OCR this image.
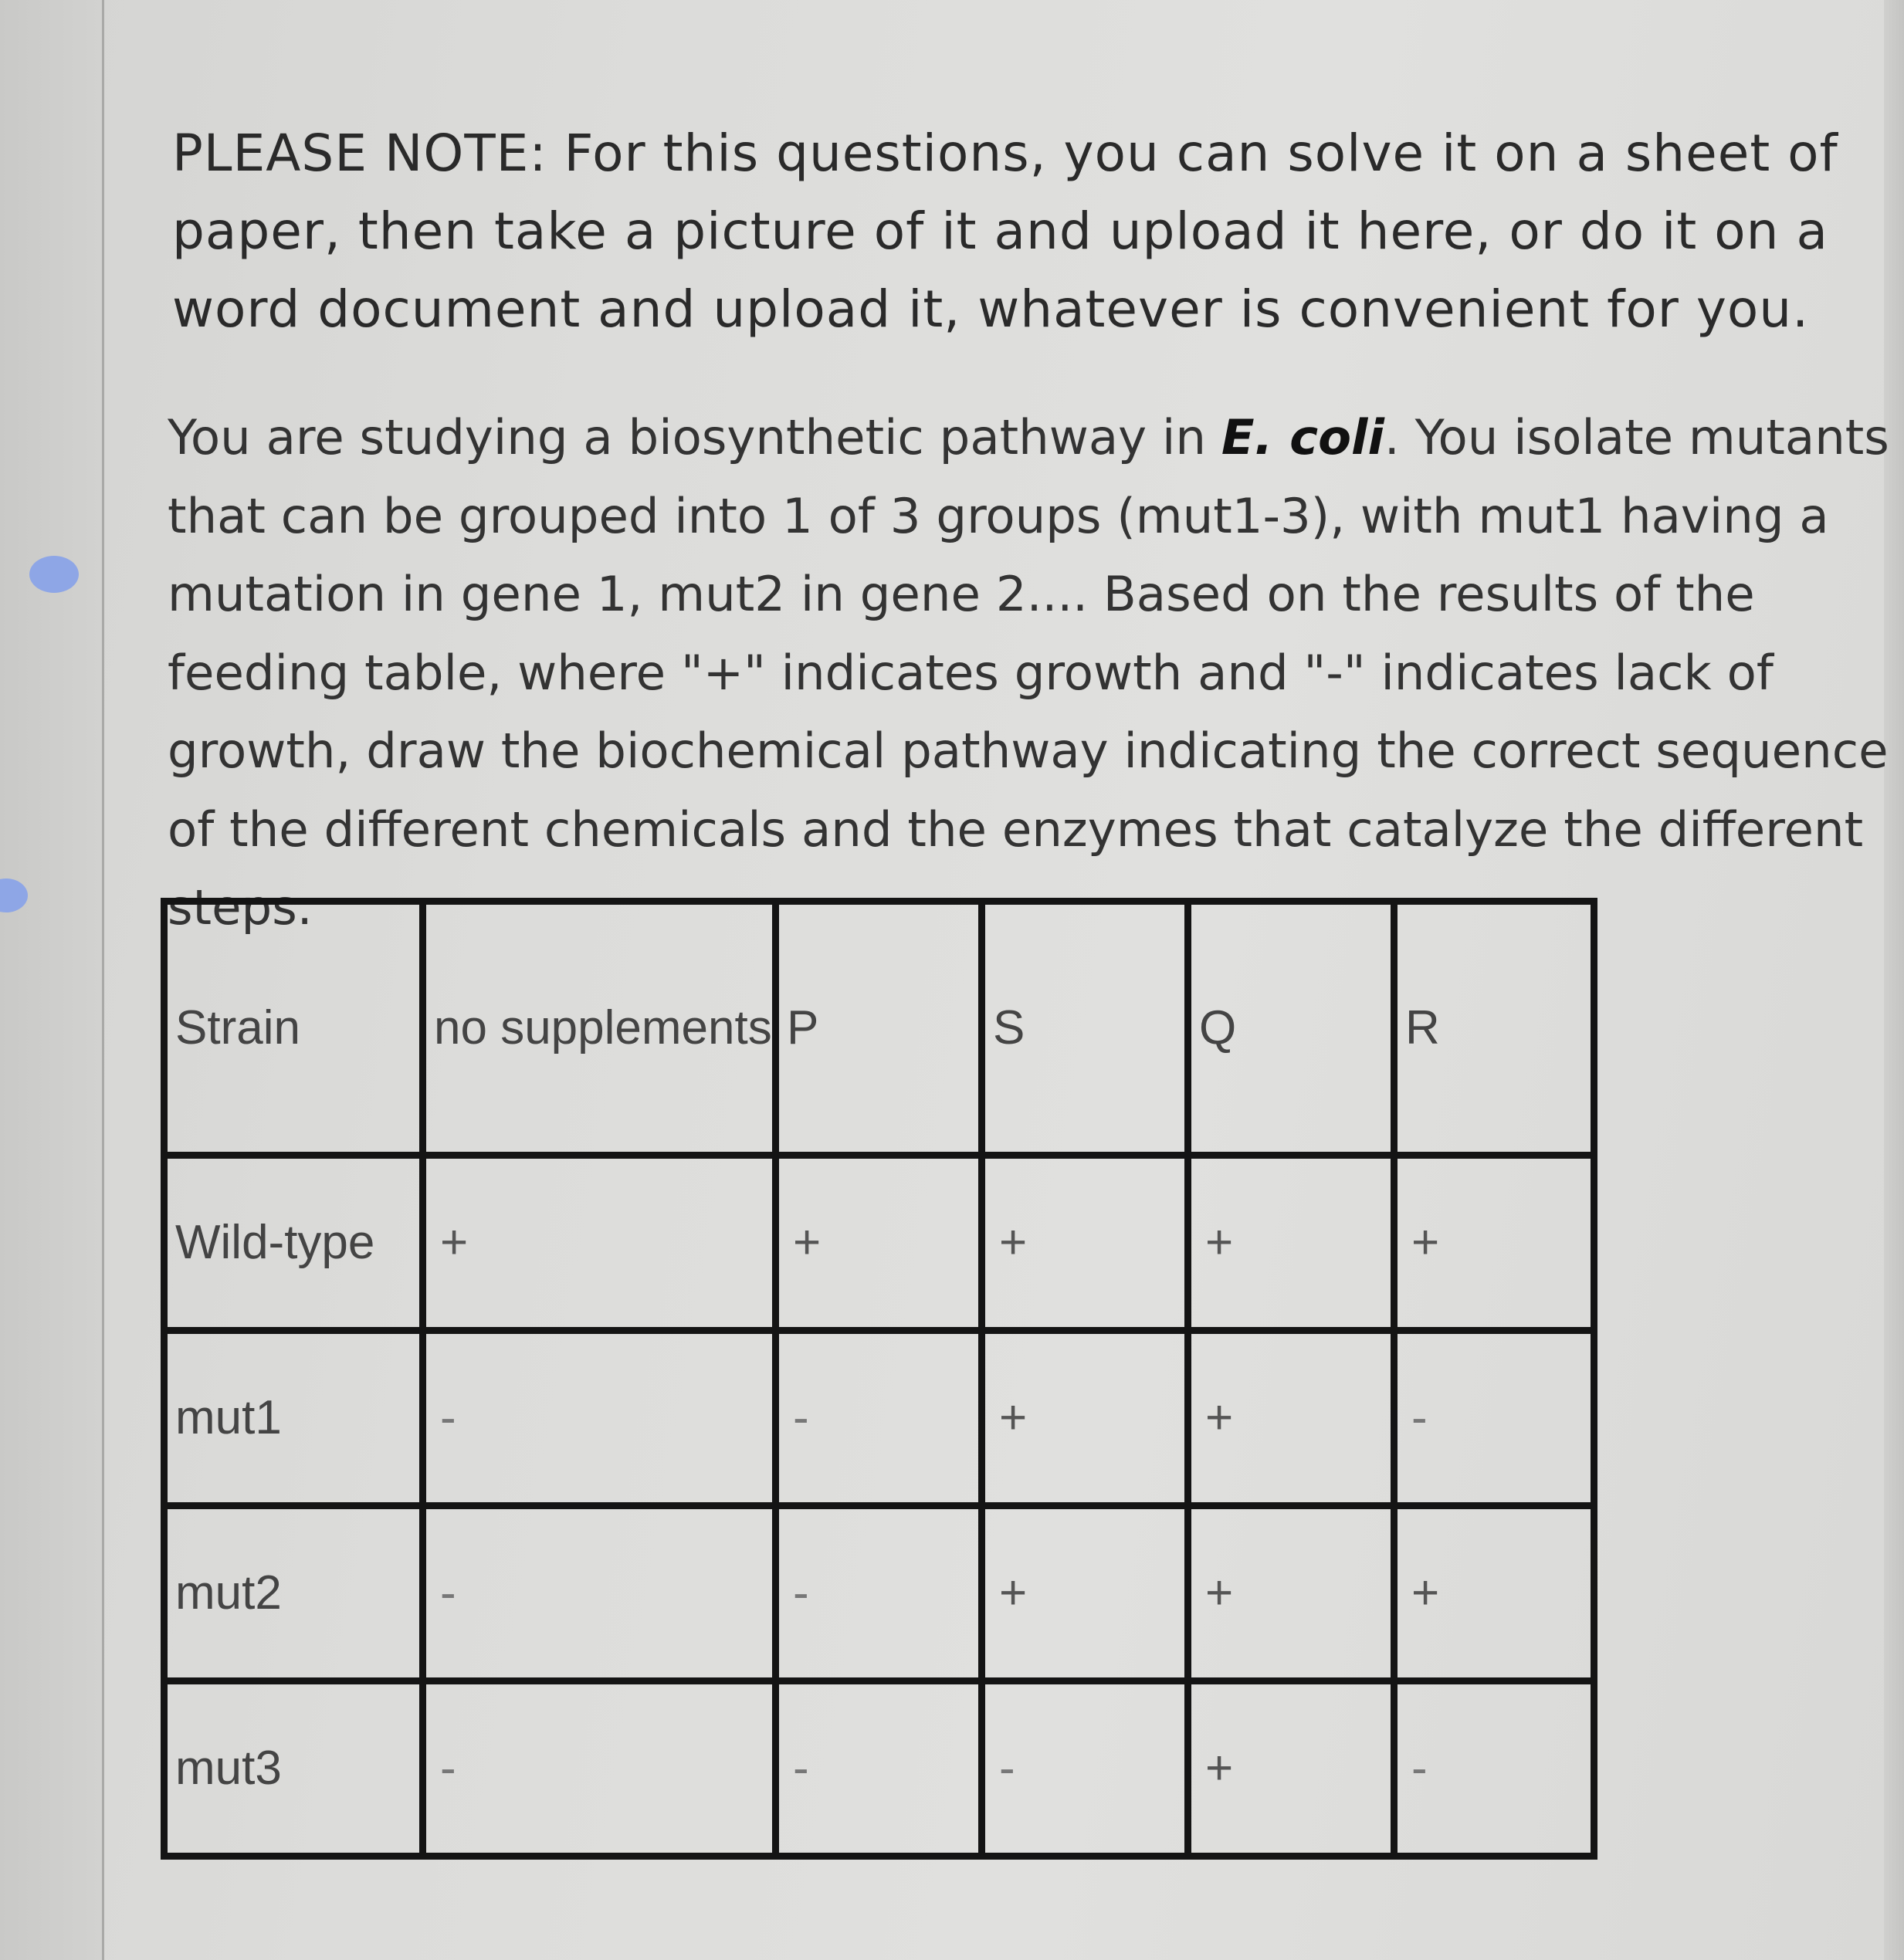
PLEASE NOTE: For this questions, you can solve it on a sheet of paper, then take a picture of it and upload it here, or do it on a word document and upload it, whatever is convenient for you.

You are studying a biosynthetic pathway in E. coli. You isolate mutants that can be grouped into 1 of 3 groups (mut1-3), with mut1 having a mutation in gene 1, mut2 in gene 2.... Based on the results of the feeding table, where "+" indicates growth and "-" indicates lack of growth, draw the biochemical pathway indicating the correct sequence of the different chemicals and the enzymes that catalyze the different steps.

Strain	no supplements	P	S	Q	R
Wild-type	+	+	+	+	+
mut1	-	-	+	+	-
mut2	-	-	+	+	+
mut3	-	-	-	+	-
